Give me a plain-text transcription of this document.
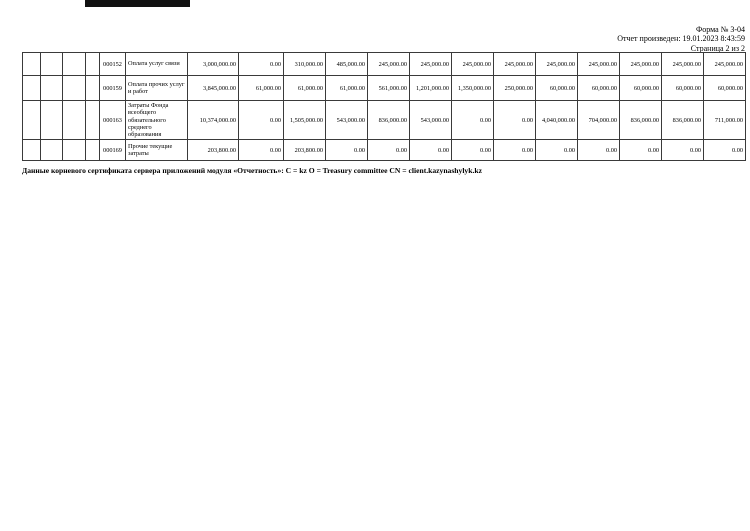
Форма № 3-04
Отчет произведен: 19.01.2023 8:43:59
Страница 2 из 2
				000152	Оплата услуг связи	3,000,000.00	0.00	310,000.00	485,000.00	245,000.00	245,000.00	245,000.00	245,000.00	245,000.00	245,000.00	245,000.00	245,000.00	245,000.00
				000159	Оплата прочих услуг и работ	3,845,000.00	61,000.00	61,000.00	61,000.00	561,000.00	1,201,000.00	1,350,000.00	250,000.00	60,000.00	60,000.00	60,000.00	60,000.00	60,000.00
				000163	Затраты Фонда всеобщего обязательного среднего образования	10,374,000.00	0.00	1,505,000.00	543,000.00	836,000.00	543,000.00	0.00	0.00	4,040,000.00	704,000.00	836,000.00	836,000.00	711,000.00
				000169	Прочие текущие затраты	203,800.00	0.00	203,800.00	0.00	0.00	0.00	0.00	0.00	0.00	0.00	0.00	0.00	0.00
Данные корневого сертификата сервера приложений модуля «Отчетность»: C = kz O = Treasury committee CN = client.kazynashylyk.kz
